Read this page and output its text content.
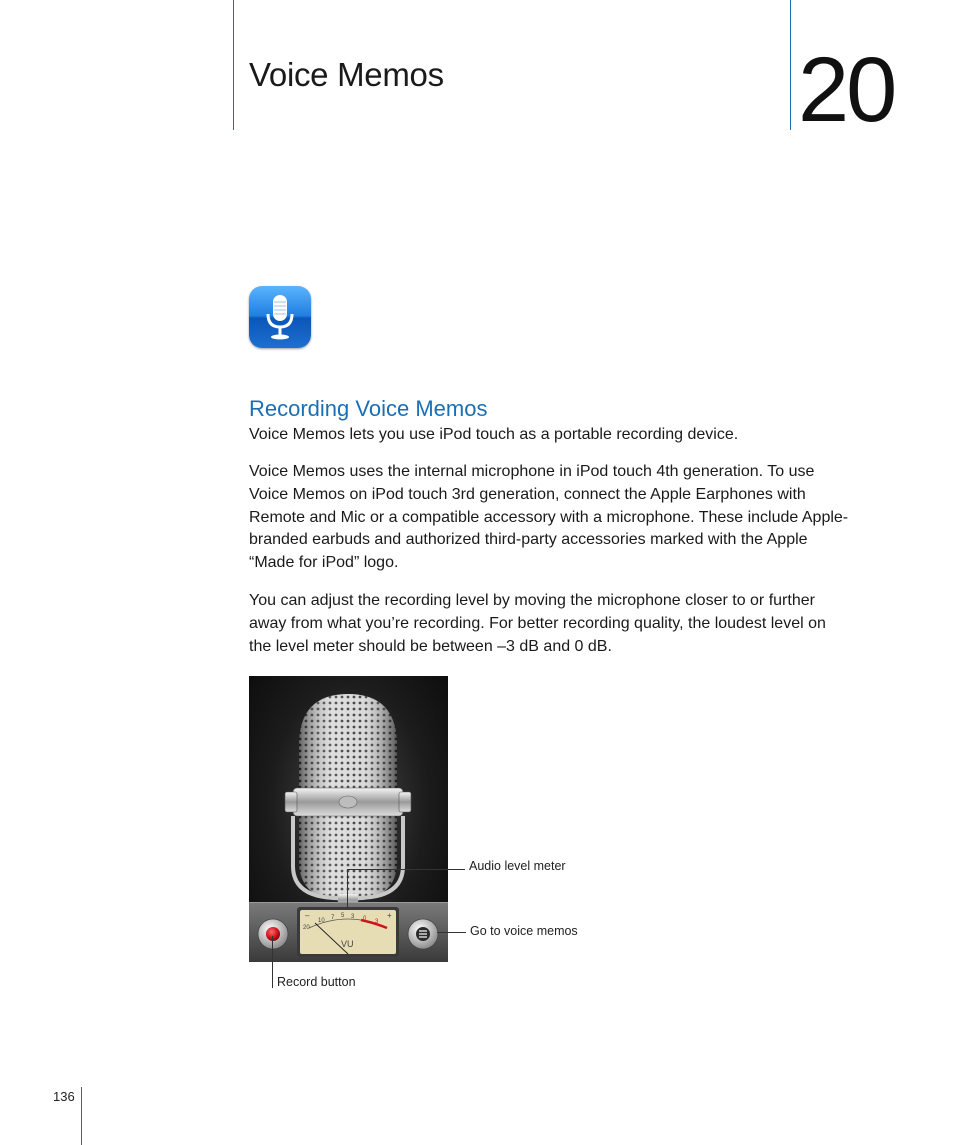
Voice Memos	20
Recording Voice Memos

Voice Memos lets you use iPod touch as a portable recording device.

Voice Memos uses the internal microphone in iPod touch 4th generation. To use Voice Memos on iPod touch 3rd generation, connect the Apple Earphones with Remote and Mic or a compatible accessory with a microphone. These include Apple-branded earbuds and authorized third-party accessories marked with the Apple “Made for iPod” logo.

You can adjust the recording level by moving the microphone closer to or further away from what you’re recording. For better recording quality, the loudest level on the level meter should be between –3 dB and 0 dB.

–	+
20
10 7 5 3 0 3
VU
Audio level meter
Go to voice memos
Record button
136
